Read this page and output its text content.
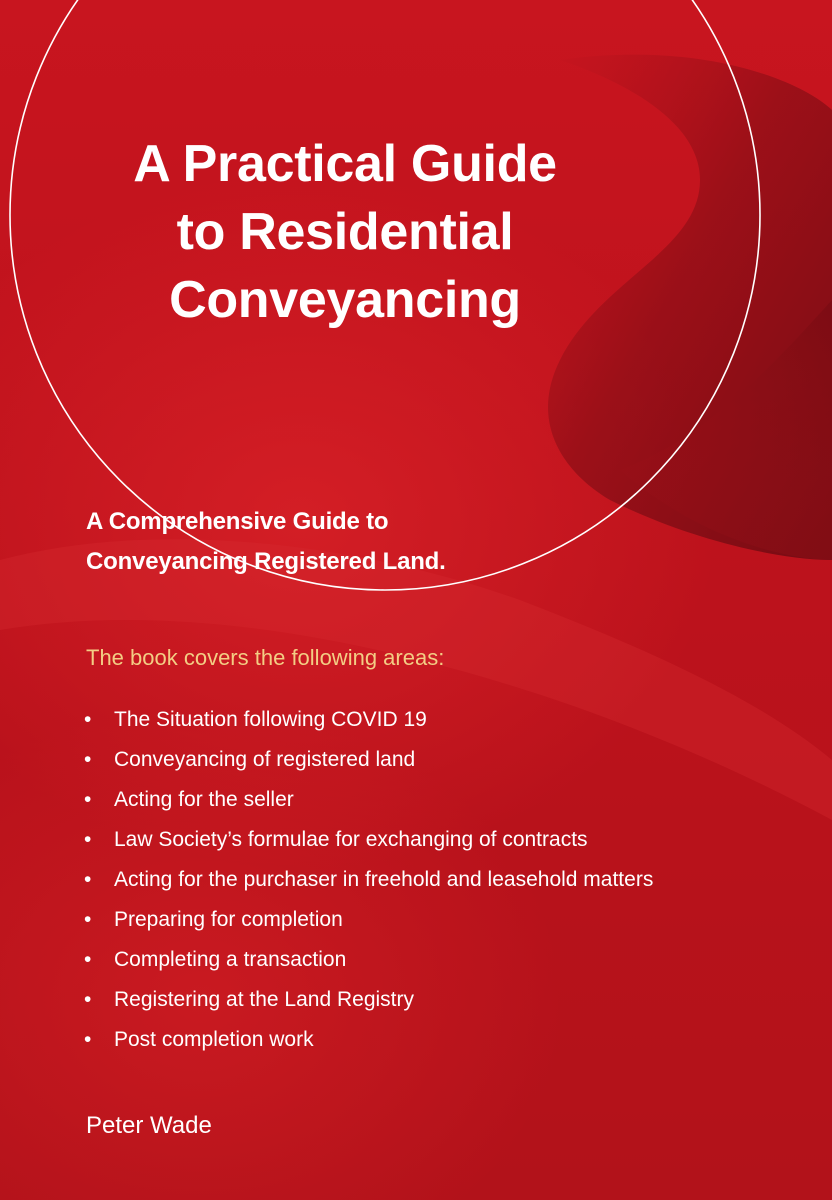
A Practical Guide
to Residential
Conveyancing
A Comprehensive Guide to
Conveyancing Registered Land.
The book covers the following areas:
• The Situation following COVID 19
• Conveyancing of registered land
• Acting for the seller
• Law Society’s formulae for exchanging of contracts
• Acting for the purchaser in freehold and leasehold matters
• Preparing for completion
• Completing a transaction
• Registering at the Land Registry
• Post completion work
Peter Wade
